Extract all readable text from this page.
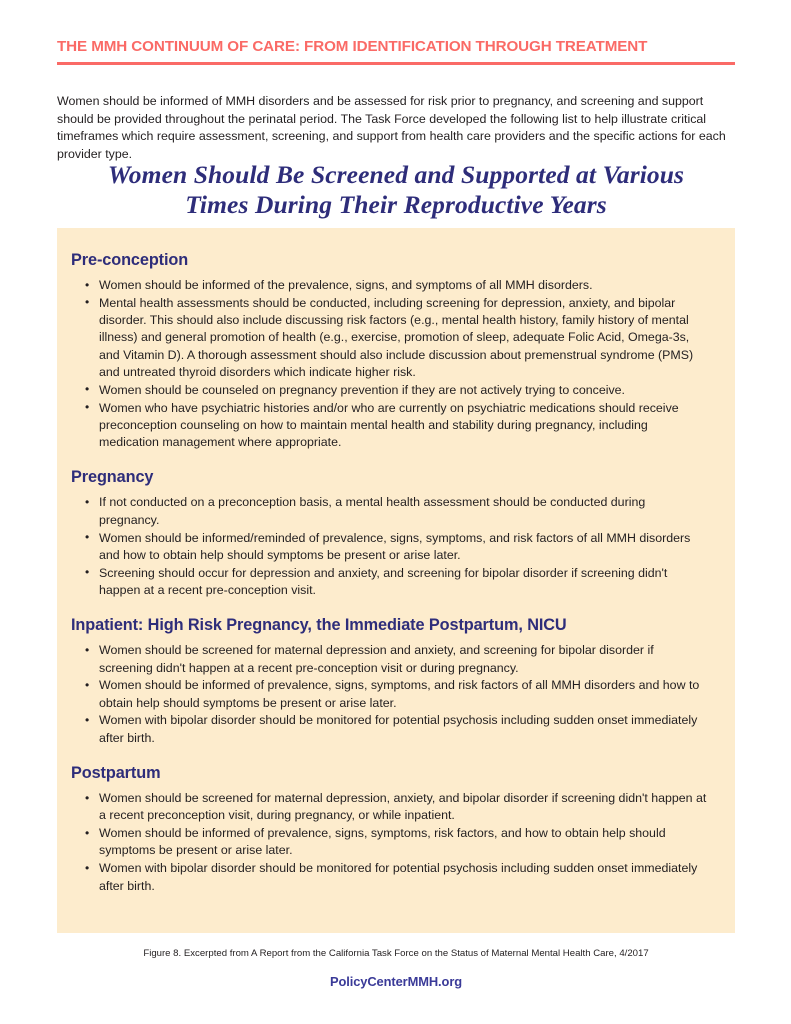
THE MMH CONTINUUM OF CARE: FROM IDENTIFICATION THROUGH TREATMENT

Women should be informed of MMH disorders and be assessed for risk prior to pregnancy, and screening and support should be provided throughout the perinatal period. The Task Force developed the following list to help illustrate critical timeframes which require assessment, screening, and support from health care providers and the specific actions for each provider type.

Women Should Be Screened and Supported at Various
Times During Their Reproductive Years
Pre-conception
• Women should be informed of the prevalence, signs, and symptoms of all MMH disorders.
• Mental health assessments should be conducted, including screening for depression, anxiety, and bipolar disorder. This should also include discussing risk factors (e.g., mental health history, family history of mental illness) and general promotion of health (e.g., exercise, promotion of sleep, adequate Folic Acid, Omega-3s, and Vitamin D). A thorough assessment should also include discussion about premenstrual syndrome (PMS) and untreated thyroid disorders which indicate higher risk.
• Women should be counseled on pregnancy prevention if they are not actively trying to conceive.
• Women who have psychiatric histories and/or who are currently on psychiatric medications should receive preconception counseling on how to maintain mental health and stability during pregnancy, including medication management where appropriate.
Pregnancy
• If not conducted on a preconception basis, a mental health assessment should be conducted during pregnancy.
• Women should be informed/reminded of prevalence, signs, symptoms, and risk factors of all MMH disorders and how to obtain help should symptoms be present or arise later.
• Screening should occur for depression and anxiety, and screening for bipolar disorder if screening didn't happen at a recent pre-conception visit.
Inpatient: High Risk Pregnancy, the Immediate Postpartum, NICU
• Women should be screened for maternal depression and anxiety, and screening for bipolar disorder if screening didn't happen at a recent pre-conception visit or during pregnancy.
• Women should be informed of prevalence, signs, symptoms, and risk factors of all MMH disorders and how to obtain help should symptoms be present or arise later.
• Women with bipolar disorder should be monitored for potential psychosis including sudden onset immediately after birth.
Postpartum
• Women should be screened for maternal depression, anxiety, and bipolar disorder if screening didn't happen at a recent preconception visit, during pregnancy, or while inpatient.
• Women should be informed of prevalence, signs, symptoms, risk factors, and how to obtain help should symptoms be present or arise later.
• Women with bipolar disorder should be monitored for potential psychosis including sudden onset immediately after birth.
Figure 8. Excerpted from A Report from the California Task Force on the Status of Maternal Mental Health Care, 4/2017
PolicyCenterMMH.org
